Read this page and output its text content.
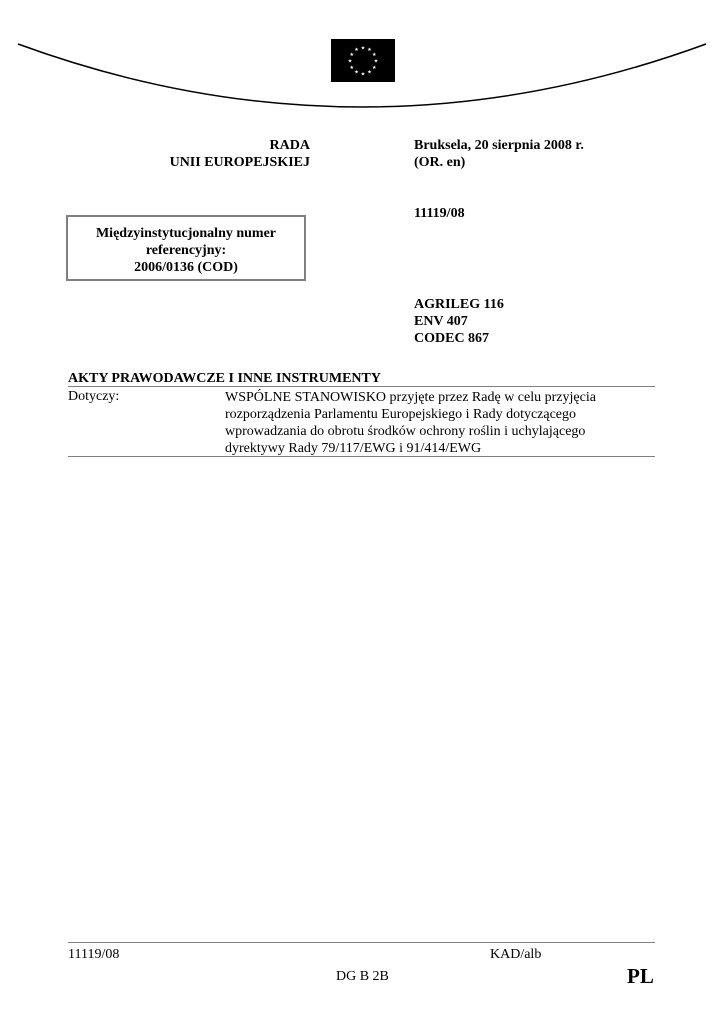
★ ★
★
★
★
★
★
★
★
★
★
★
RADA
UNII EUROPEJSKIEJ
Bruksela, 20 sierpnia 2008 r.
(OR. en)
11119/08
Międzyinstytucjonalny numer
referencyjny:
2006/0136 (COD)
AGRILEG 116
ENV 407
CODEC 867
AKTY PRAWODAWCZE I INNE INSTRUMENTY
Dotyczy:	WSPÓLNE STANOWISKO przyjęte przez Radę w celu przyjęcia
rozporządzenia Parlamentu Europejskiego i Rady dotyczącego
wprowadzania do obrotu środków ochrony roślin i uchylającego
dyrektywy Rady 79/117/EWG i 91/414/EWG
11119/08	KAD/alb
DG B 2B	PL
